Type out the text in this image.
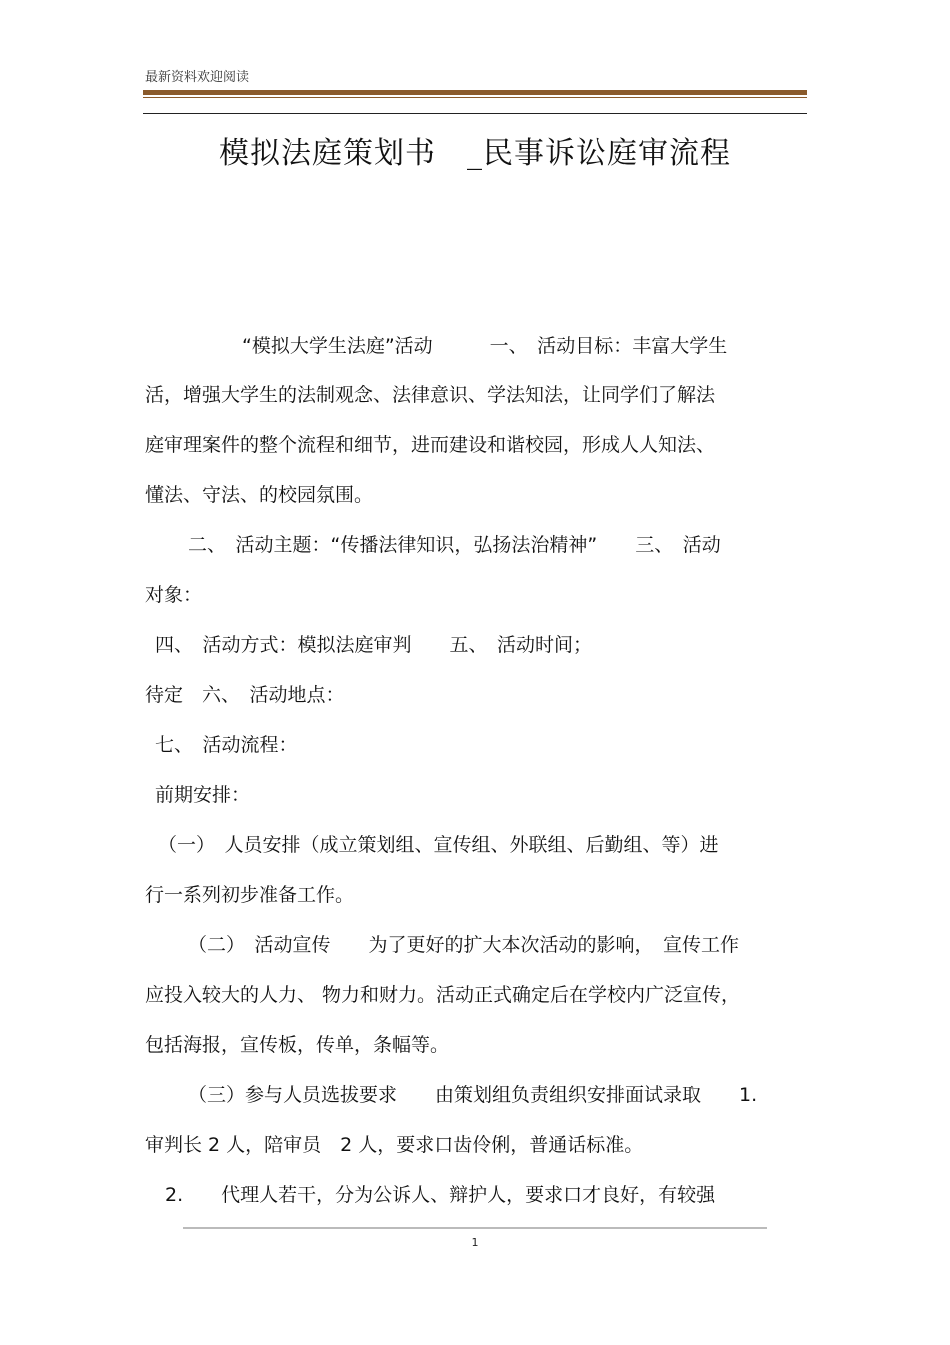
最新资料欢迎阅读
模拟法庭策划书　_民事诉讼庭审流程
“模拟大学生法庭”活动　　　一、　活动目标：丰富大学生
活，增强大学生的法制观念、法律意识、学法知法，让同学们了解法
庭审理案件的整个流程和细节，进而建设和谐校园，形成人人知法、
懂法、守法、的校园氛围。
二、　活动主题：“传播法律知识，弘扬法治精神”　　三、　活动
对象：
四、　活动方式：模拟法庭审判　　五、　活动时间；
待定　六、　活动地点：
七、　活动流程：
前期安排：
（一）　人员安排（成立策划组、宣传组、外联组、后勤组、等）进
行一系列初步准备工作。
（二）　活动宣传　　为了更好的扩大本次活动的影响，　宣传工作
应投入较大的人力、 物力和财力。活动正式确定后在学校内广泛宣传，
包括海报，宣传板，传单，条幅等。
（三）参与人员选拔要求　　由策划组负责组织安排面试录取　　1.
审判长 2 人，陪审员　2 人，要求口齿伶俐，普通话标准。
2.　　代理人若干，分为公诉人、辩护人，要求口才良好，有较强
1
